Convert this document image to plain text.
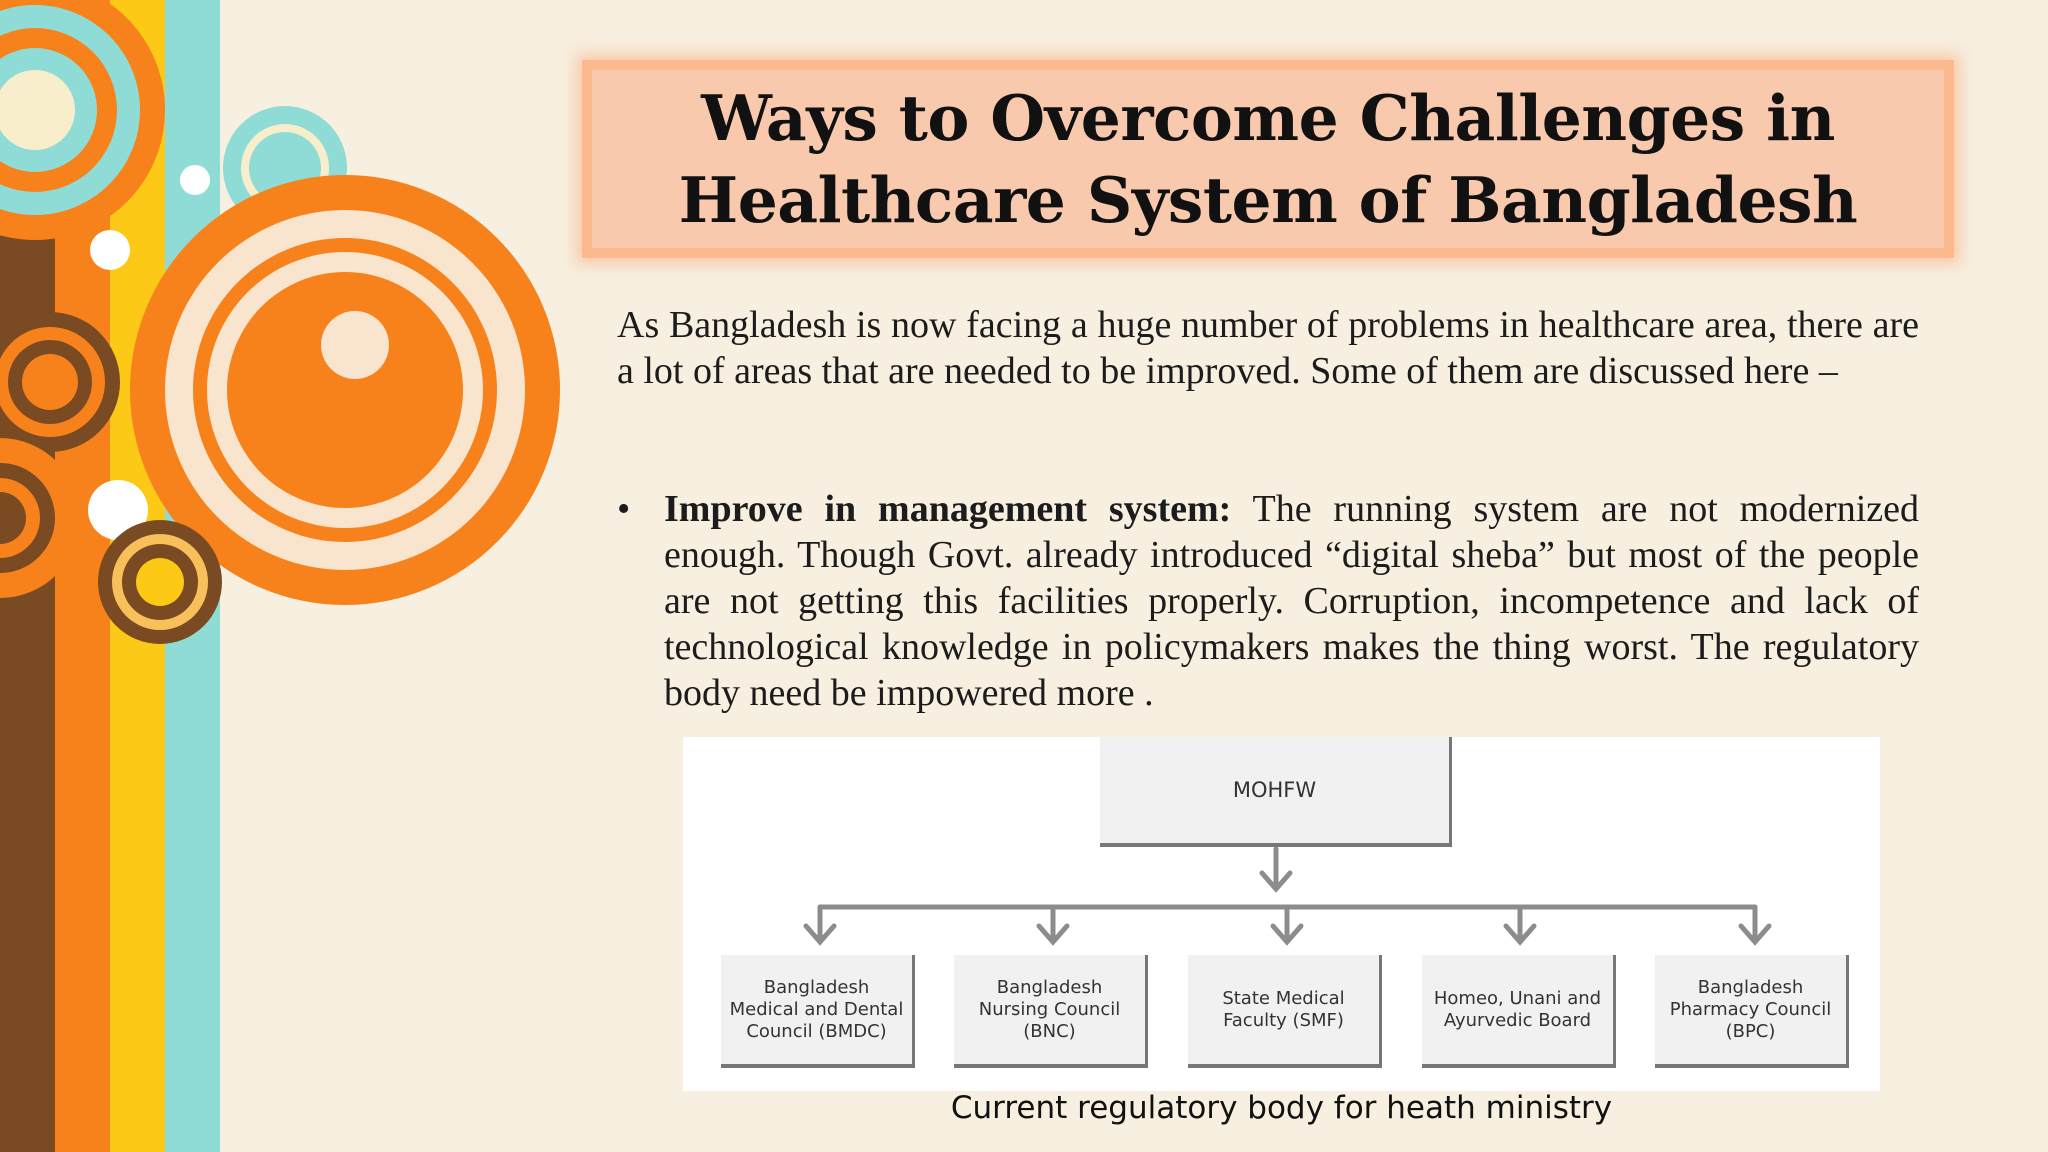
Ways to Overcome Challenges in
Healthcare System of Bangladesh

As Bangladesh is now facing a huge number of problems in healthcare area, there are a lot of areas that are needed to be improved. Some of them are discussed here –

• Improve in management system: The running system are not modernized enough. Though Govt. already introduced “digital sheba” but most of the people are not getting this facilities properly. Corruption, incompetence and lack of technological knowledge in policymakers makes the thing worst. The regulatory body need be impowered more .

MOHFW
Bangladesh Medical and Dental Council (BMDC)
Bangladesh Nursing Council (BNC)
State Medical Faculty (SMF)
Homeo, Unani and Ayurvedic Board
Bangladesh Pharmacy Council (BPC)

Current regulatory body for heath ministry
